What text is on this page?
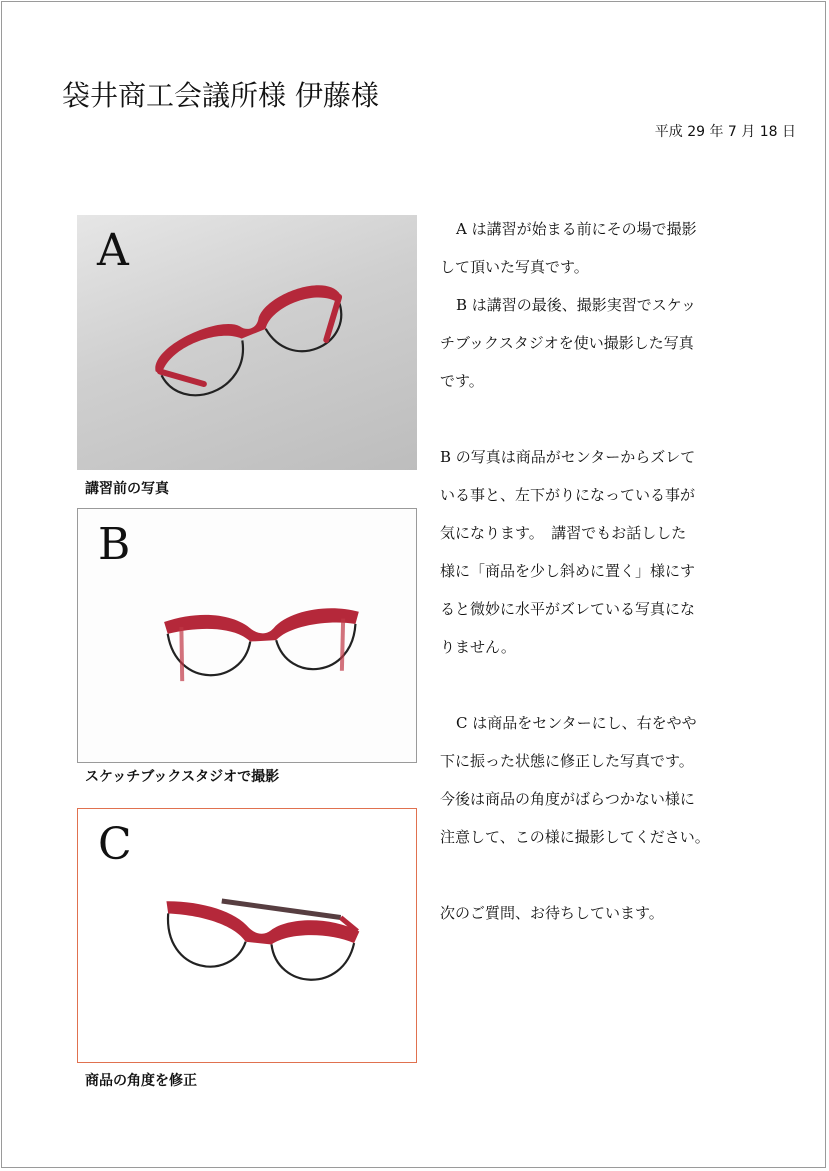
袋井商工会議所様 伊藤様
平成 29 年 7 月 18 日
A
講習前の写真
B
スケッチブックスタジオで撮影
C
商品の角度を修正

A は講習が始まる前にその場で撮影

して頂いた写真です。

B は講習の最後、撮影実習でスケッ

チブックスタジオを使い撮影した写真

です。

B の写真は商品がセンターからズレて

いる事と、左下がりになっている事が

気になります。　講習でもお話しした

様に「商品を少し斜めに置く」様にす

ると微妙に水平がズレている写真にな

りません。

C は商品をセンターにし、右をやや

下に振った状態に修正した写真です。

今後は商品の角度がばらつかない様に

注意して、この様に撮影してください。

次のご質問、お待ちしています。
